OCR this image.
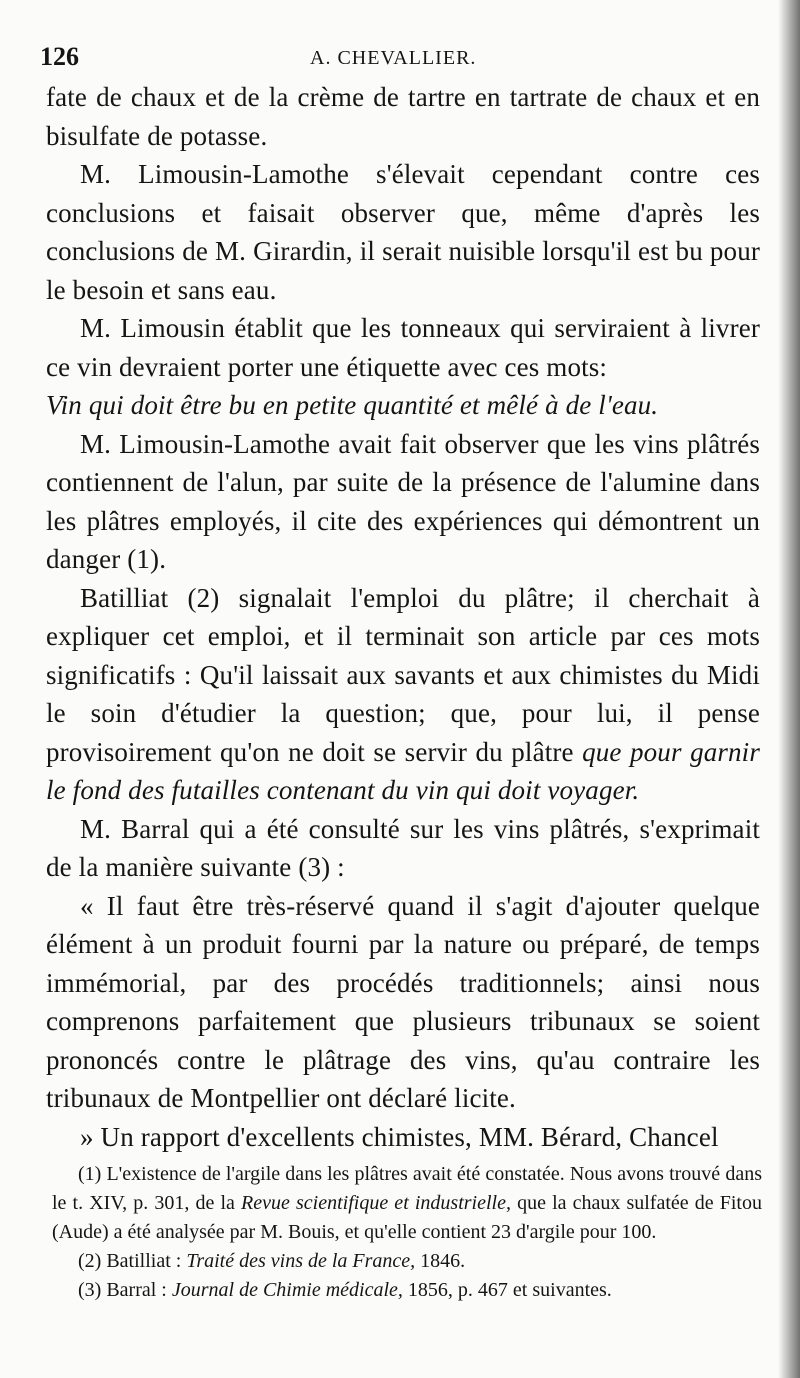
126	A. CHEVALLIER.

fate de chaux et de la crème de tartre en tartrate de chaux et en bisulfate de potasse.

M. Limousin-Lamothe s'élevait cependant contre ces conclusions et faisait observer que, même d'après les conclusions de M. Girardin, il serait nuisible lorsqu'il est bu pour le besoin et sans eau.

M. Limousin établit que les tonneaux qui serviraient à livrer ce vin devraient porter une étiquette avec ces mots:

Vin qui doit être bu en petite quantité et mêlé à de l'eau.

M. Limousin-Lamothe avait fait observer que les vins plâtrés contiennent de l'alun, par suite de la présence de l'alumine dans les plâtres employés, il cite des expériences qui démontrent un danger (1).

Batilliat (2) signalait l'emploi du plâtre; il cherchait à expliquer cet emploi, et il terminait son article par ces mots significatifs : Qu'il laissait aux savants et aux chimistes du Midi le soin d'étudier la question; que, pour lui, il pense provisoirement qu'on ne doit se servir du plâtre que pour garnir le fond des futailles contenant du vin qui doit voyager.

M. Barral qui a été consulté sur les vins plâtrés, s'exprimait de la manière suivante (3) :

« Il faut être très-réservé quand il s'agit d'ajouter quelque élément à un produit fourni par la nature ou préparé, de temps immémorial, par des procédés traditionnels; ainsi nous comprenons parfaitement que plusieurs tribunaux se soient prononcés contre le plâtrage des vins, qu'au contraire les tribunaux de Montpellier ont déclaré licite.

» Un rapport d'excellents chimistes, MM. Bérard, Chancel

(1) L'existence de l'argile dans les plâtres avait été constatée. Nous avons trouvé dans le t. XIV, p. 301, de la Revue scientifique et industrielle, que la chaux sulfatée de Fitou (Aude) a été analysée par M. Bouis, et qu'elle contient 23 d'argile pour 100.

(2) Batilliat : Traité des vins de la France, 1846.

(3) Barral : Journal de Chimie médicale, 1856, p. 467 et suivantes.
